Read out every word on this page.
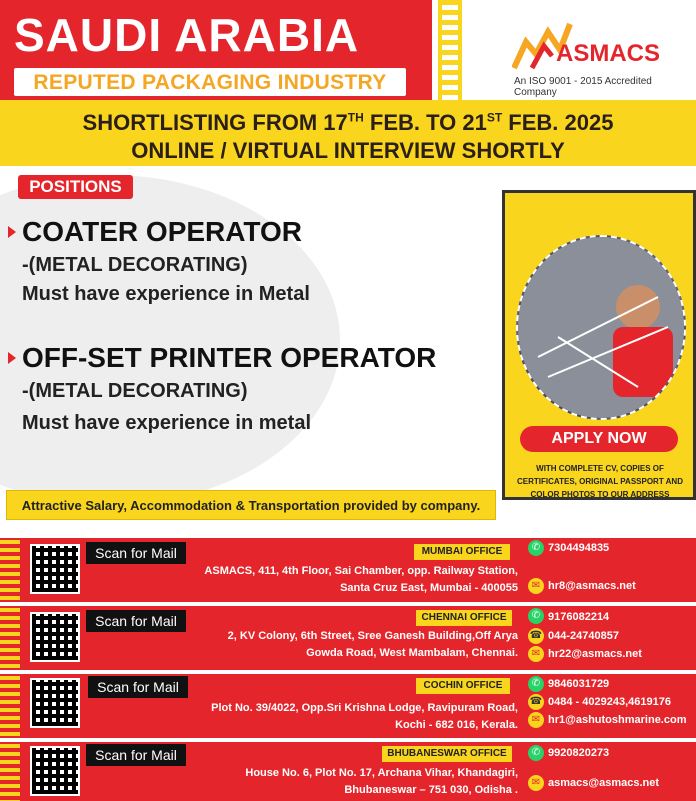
SAUDI ARABIA
REPUTED PACKAGING INDUSTRY
ASMACS
An ISO 9001 - 2015 Accredited Company
SHORTLISTING FROM 17TH FEB. TO 21ST FEB. 2025
ONLINE / VIRTUAL INTERVIEW SHORTLY
POSITIONS
COATER OPERATOR
-(METAL DECORATING)
Must have experience in Metal
OFF-SET PRINTER OPERATOR
-(METAL DECORATING)
Must have experience in metal
APPLY NOW
WITH COMPLETE CV, COPIES OF CERTIFICATES, ORIGINAL PASSPORT AND COLOR PHOTOS TO OUR ADDRESS
Attractive Salary, Accommodation & Transportation provided by company.
Scan for Mail	MUMBAI OFFICE
ASMACS, 411, 4th Floor, Sai Chamber, opp. Railway Station,
Santa Cruz East, Mumbai - 400055
✆ 7304494835
✉ hr8@asmacs.net
Scan for Mail	CHENNAI OFFICE
2, KV Colony, 6th Street, Sree Ganesh Building,Off Arya
Gowda Road, West Mambalam, Chennai.
✆ 9176082214
☎ 044-24740857
✉ hr22@asmacs.net
Scan for Mail	COCHIN OFFICE
Plot No. 39/4022, Opp.Sri Krishna Lodge, Ravipuram Road,
Kochi - 682 016, Kerala.
✆ 9846031729
☎ 0484 - 4029243,4619176
✉ hr1@ashutoshmarine.com
Scan for Mail	BHUBANESWAR OFFICE
House No. 6, Plot No. 17, Archana Vihar, Khandagiri,
Bhubaneswar – 751 030, Odisha .
✆ 9920820273
✉ asmacs@asmacs.net
